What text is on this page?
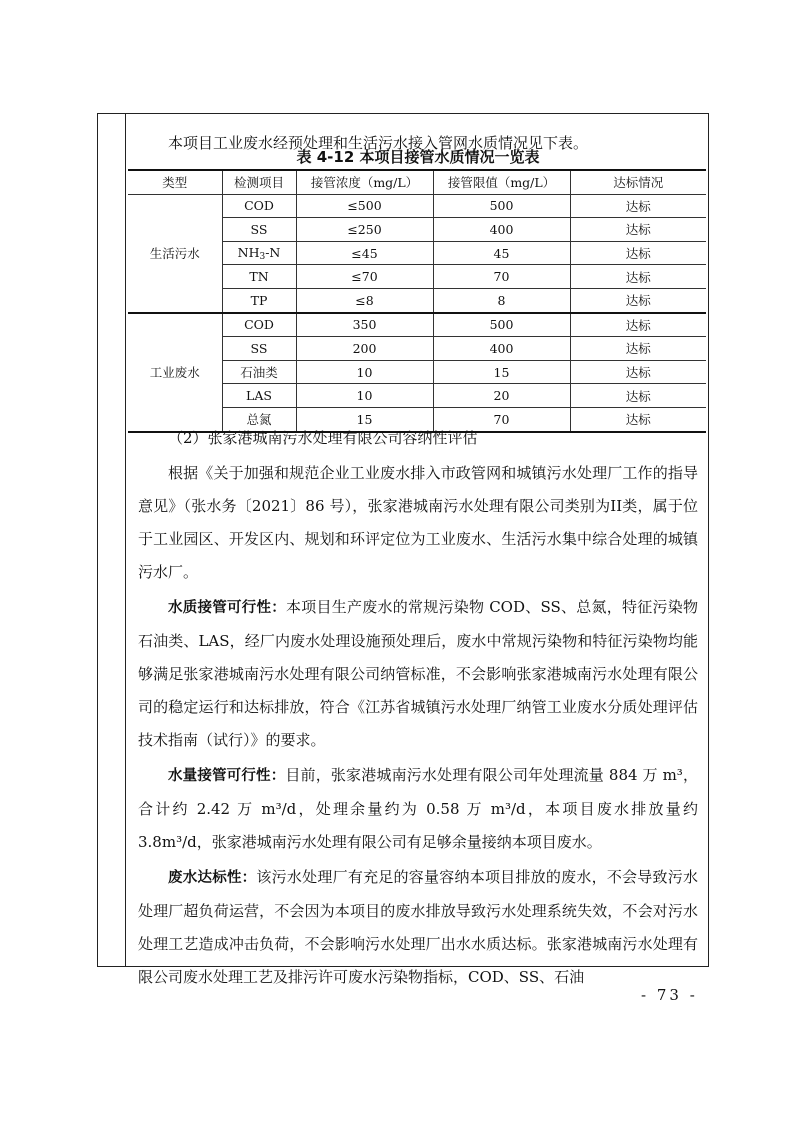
本项目工业废水经预处理和生活污水接入管网水质情况见下表。

表 4-12 本项目接管水质情况一览表
类型	检测项目	接管浓度（mg/L）	接管限值（mg/L）	达标情况
生活污水	COD	≤500	500	达标
	SS	≤250	400	达标
	$NH_3-N$	≤45	45	达标
	TN	≤70	70	达标
	TP	≤8	8	达标
工业废水	COD	350	500	达标
	SS	200	400	达标
	石油类	10	15	达标
	LAS	10	20	达标
	总氮	15	70	达标

（2）张家港城南污水处理有限公司容纳性评估

根据《关于加强和规范企业工业废水排入市政管网和城镇污水处理厂工作的指导意见》（张水务〔2021〕86 号），张家港城南污水处理有限公司类别为II类，属于位于工业园区、开发区内、规划和环评定位为工业废水、生活污水集中综合处理的城镇污水厂。

水质接管可行性：本项目生产废水的常规污染物 COD、SS、总氮，特征污染物石油类、LAS，经厂内废水处理设施预处理后，废水中常规污染物和特征污染物均能够满足张家港城南污水处理有限公司纳管标准，不会影响张家港城南污水处理有限公司的稳定运行和达标排放，符合《江苏省城镇污水处理厂纳管工业废水分质处理评估技术指南（试行）》的要求。

水量接管可行性：目前，张家港城南污水处理有限公司年处理流量 884 万 m³，合计约 2.42 万 m³/d，处理余量约为 0.58 万 m³/d，本项目废水排放量约 3.8m³/d，张家港城南污水处理有限公司有足够余量接纳本项目废水。

废水达标性：该污水处理厂有充足的容量容纳本项目排放的废水，不会导致污水处理厂超负荷运营，不会因为本项目的废水排放导致污水处理系统失效，不会对污水处理工艺造成冲击负荷，不会影响污水处理厂出水水质达标。张家港城南污水处理有限公司废水处理工艺及排污许可废水污染物指标，COD、SS、石油

- 73 -
